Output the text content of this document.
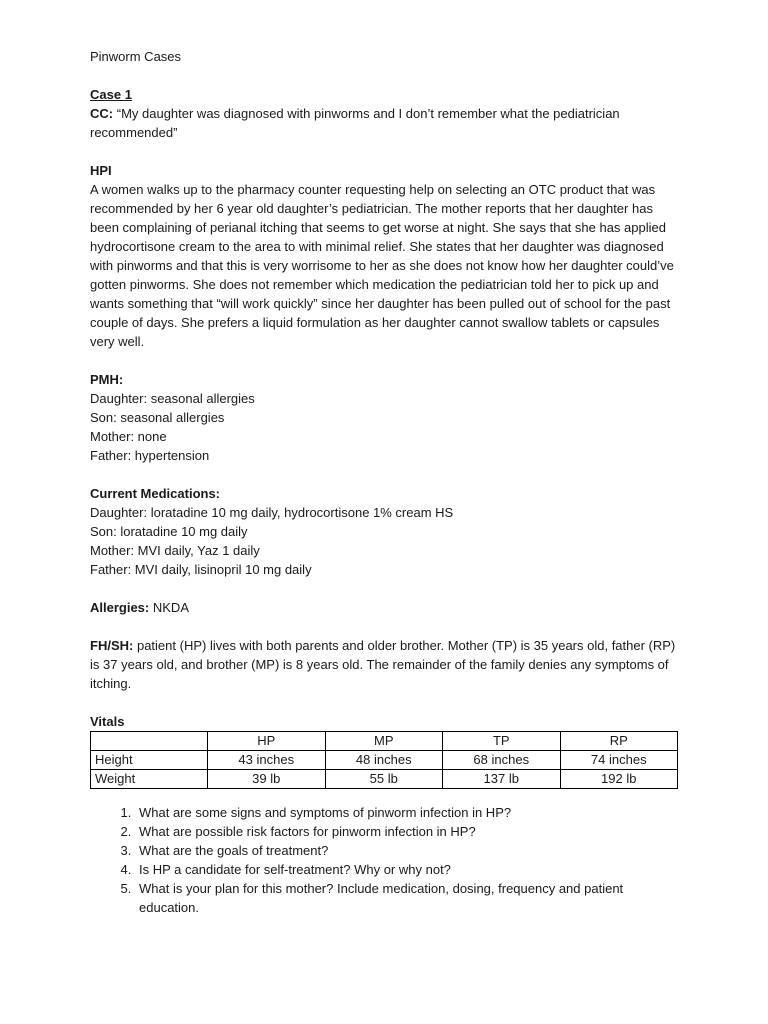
Pinworm Cases
Case 1
CC: “My daughter was diagnosed with pinworms and I don’t remember what the pediatrician recommended”
HPI
A women walks up to the pharmacy counter requesting help on selecting an OTC product that was recommended by her 6 year old daughter’s pediatrician. The mother reports that her daughter has been complaining of perianal itching that seems to get worse at night. She says that she has applied hydrocortisone cream to the area to with minimal relief. She states that her daughter was diagnosed with pinworms and that this is very worrisome to her as she does not know how her daughter could’ve gotten pinworms. She does not remember which medication the pediatrician told her to pick up and wants something that “will work quickly” since her daughter has been pulled out of school for the past couple of days. She prefers a liquid formulation as her daughter cannot swallow tablets or capsules very well.
PMH:
Daughter: seasonal allergies
Son: seasonal allergies
Mother: none
Father: hypertension
Current Medications:
Daughter: loratadine 10 mg daily, hydrocortisone 1% cream HS
Son: loratadine 10 mg daily
Mother: MVI daily, Yaz 1 daily
Father: MVI daily, lisinopril 10 mg daily
Allergies: NKDA
FH/SH: patient (HP) lives with both parents and older brother. Mother (TP) is 35 years old, father (RP) is 37 years old, and brother (MP) is 8 years old. The remainder of the family denies any symptoms of itching.
Vitals
	HP	MP	TP	RP
Height	43 inches	48 inches	68 inches	74 inches
Weight	39 lb	55 lb	137 lb	192 lb
1. What are some signs and symptoms of pinworm infection in HP?
2. What are possible risk factors for pinworm infection in HP?
3. What are the goals of treatment?
4. Is HP a candidate for self-treatment? Why or why not?
5. What is your plan for this mother? Include medication, dosing, frequency and patient education.
